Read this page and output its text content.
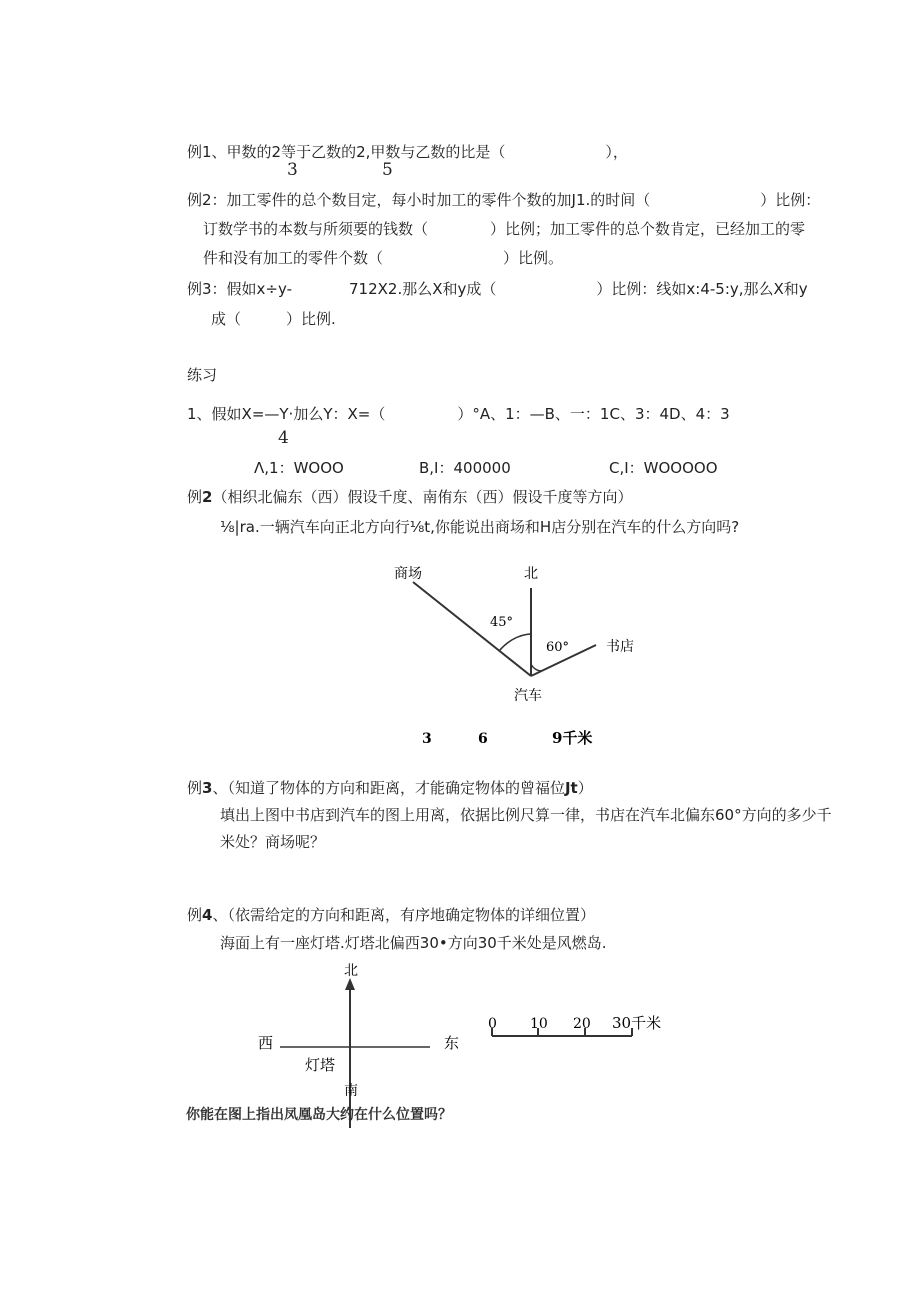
例1、甲数的2等于乙数的2,甲数与乙数的比是（	），
3	5
例2：加工零件的总个数目定，每小时加工的零件个数的加J1.的时间（	）比例：
订数学书的本数与所须要的钱数（	）比例；加工零件的总个数肯定，已经加工的零
件和没有加工的零件个数（	）比例。
例3：假如x÷y-	712X2.那么X和y成（	）比例：线如x:4-5:y,那么X和y
成（	）比例.
练习
1、假如X=—Y·加么Y：X=（	）°A、1：—B、一：1C、3：4D、4：3
4
Λ,1：WOOO	B,I：400000	C,I：WOOOOO
例2（相织北偏东（西）假设千度、南侑东（西）假设千度等方向）
⅛|ra.一辆汽车向正北方向行⅛t,你能说出商场和H店分别在汽车的什么方向吗?
商场	北
45°
60°	书店
汽车
3	6	9千米
例3、（知道了物体的方向和距离，才能确定物体的曾福位Jt）
填出上图中书店到汽车的图上用离，依据比例尺算一律，书店在汽车北偏东60°方向的多少千
米处？商场呢？
例4、（依需给定的方向和距离，有序地确定物体的详细位置）
海面上有一座灯塔.灯塔北偏西30•方向30千米处是风燃岛.
北
西	东
灯塔
南
0 10 20 30千米
你能在图上指出凤凰岛大约在什么位置吗？
